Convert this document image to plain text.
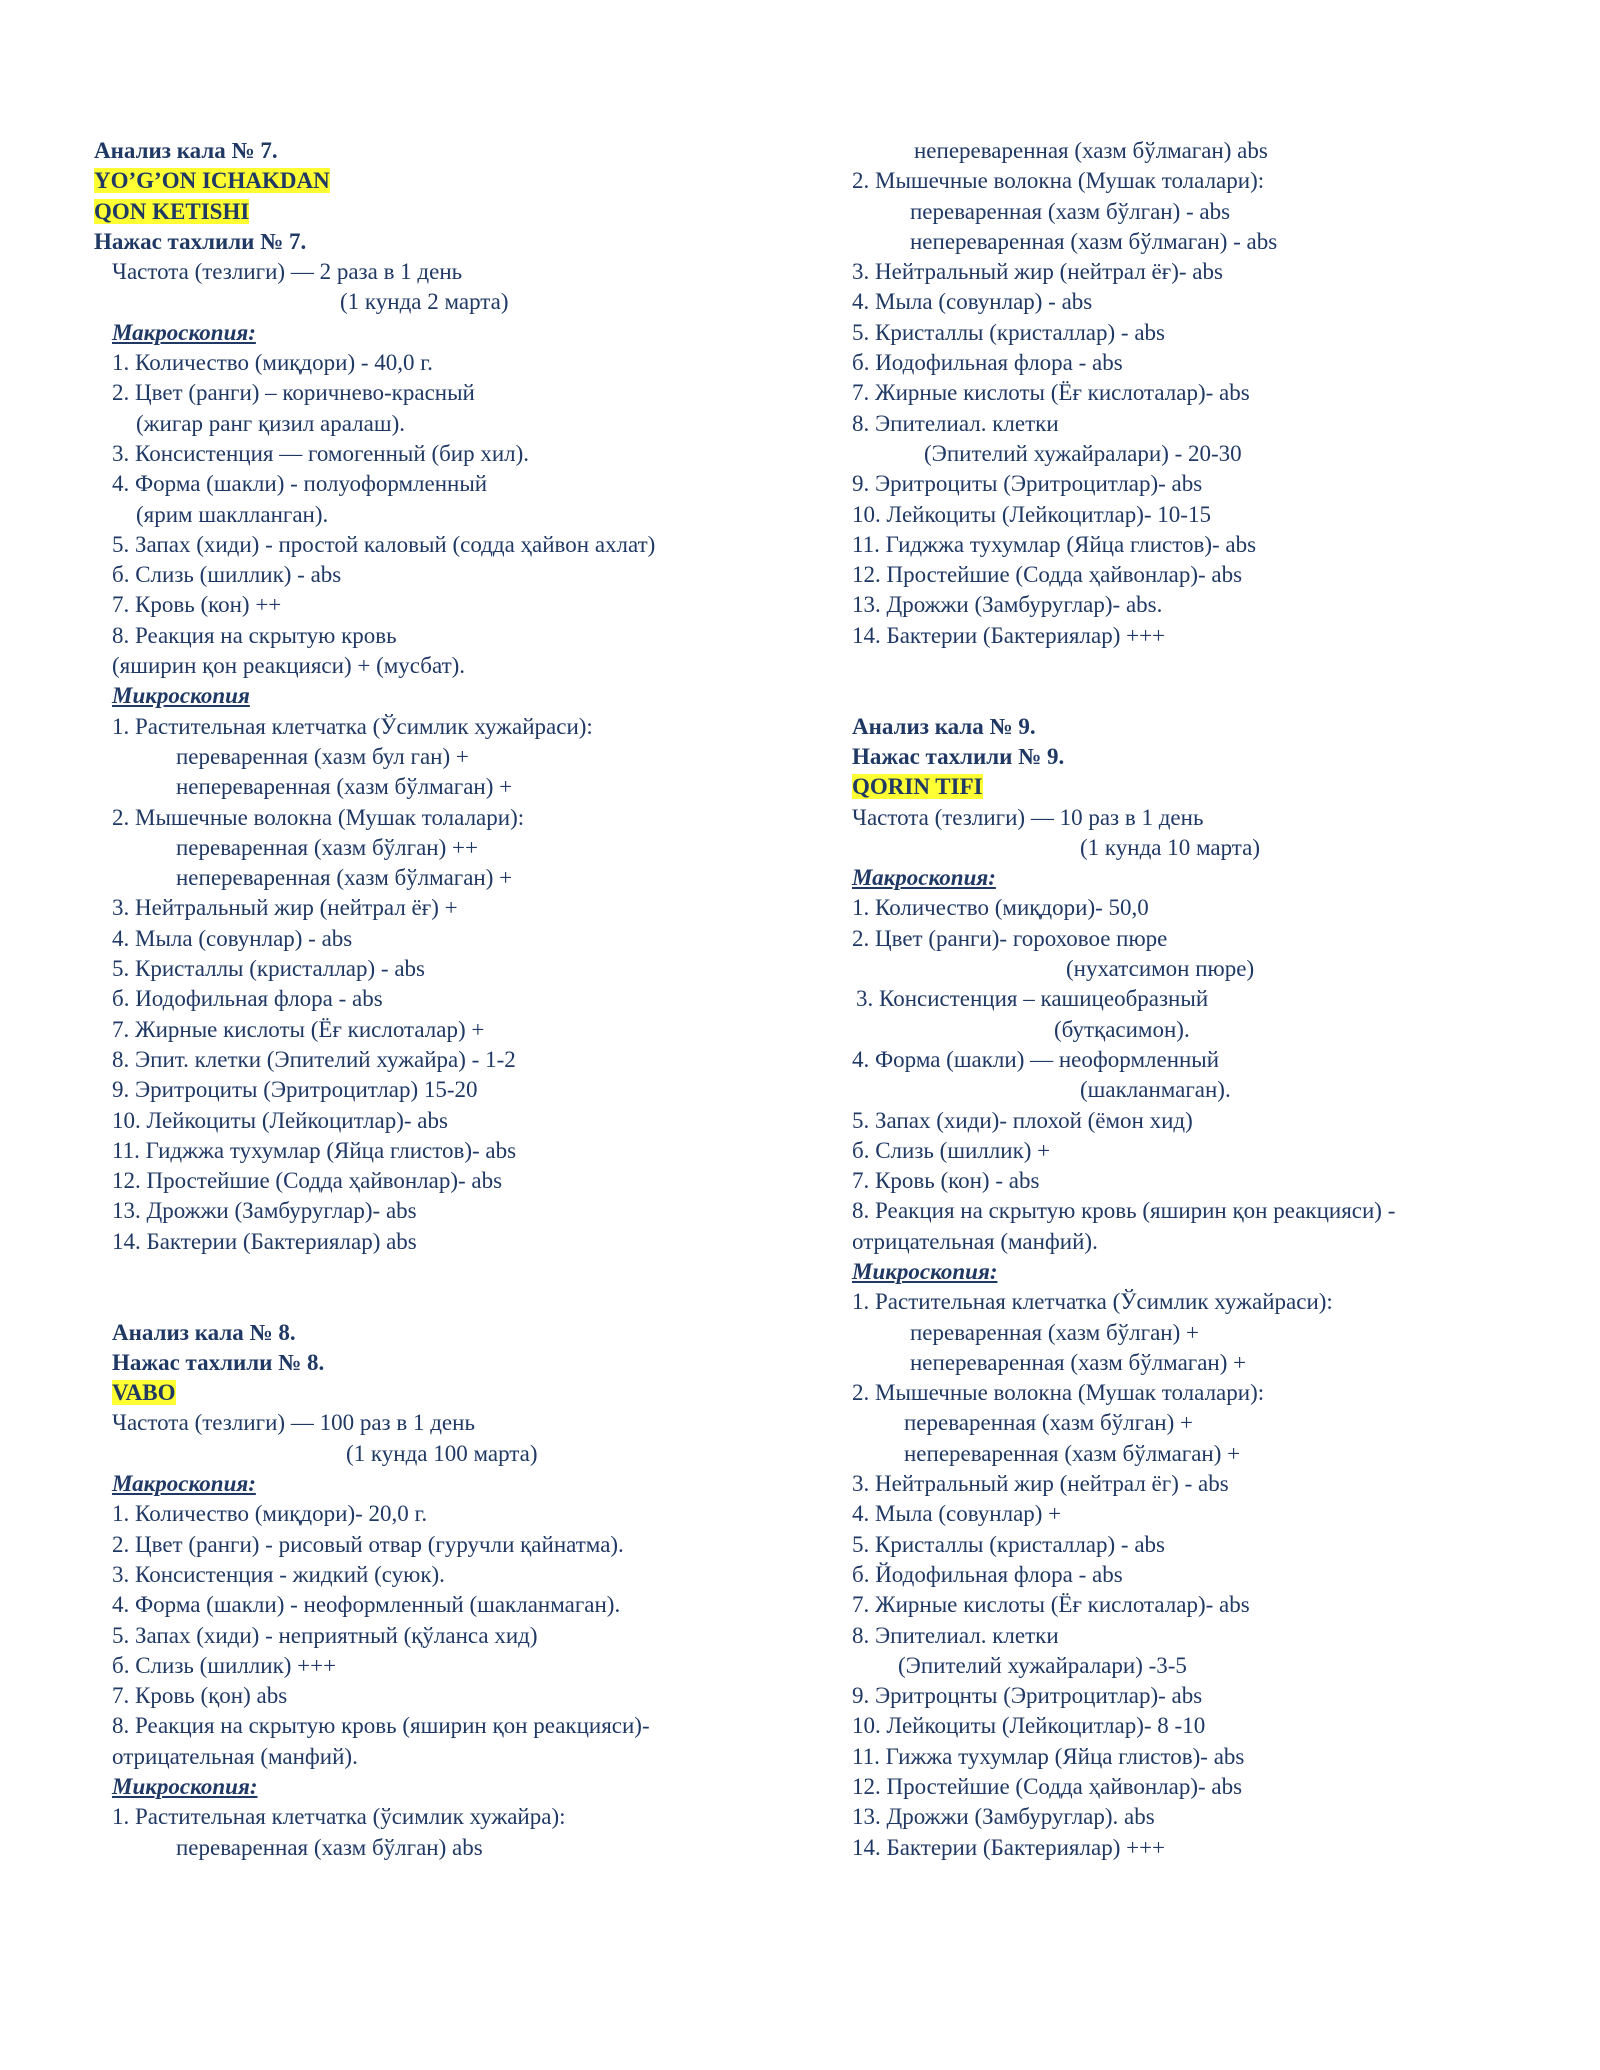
Анализ кала № 7.
YO’G’ON ICHAKDAN
QON KETISHI
Нажас тахлили № 7.
Частота (тезлиги) — 2 раза в 1 день
(1 кунда 2 марта)
Макроскопия:
1. Количество (миқдори) - 40,0 г.
2. Цвет (ранги) – коричнево-красный
(жигар ранг қизил аралаш).
3. Консистенция — гомогенный (бир хил).
4. Форма (шакли) - полуоформленный
(ярим шаклланган).
5. Запах (хиди) - простой каловый (содда ҳайвон ахлат)
б. Слизь (шиллик) - abs
7. Кровь (кон) ++
8. Реакция на скрытую кровь
(яширин қон реакцияси) + (мусбат).
Микроскопия
1. Растительная клетчатка (Ўсимлик хужайраси):
переваренная (хазм бул ган) +
непереваренная (хазм бўлмаган) +
2. Мышечные волокна (Мушак толалари):
переваренная (хазм бўлган) ++
непереваренная (хазм бўлмаган) +
3. Нейтральный жир (нейтрал ёғ) +
4. Мыла (совунлар) - abs
5. Кристаллы (кристаллар) - abs
б. Иодофильная флора - abs
7. Жирные кислоты (Ёғ кислоталар) +
8. Эпит. клетки (Эпителий хужайра) - 1-2
9. Эритроциты (Эритроцитлар) 15-20
10. Лейкоциты (Лейкоцитлар)- abs
11. Гиджжа тухумлар (Яйца глистов)- abs
12. Простейшие (Содда ҳайвонлар)- abs
13. Дрожжи (Замбуруглар)- abs
14. Бактерии (Бактериялар) abs
Анализ кала № 8.
Нажас тахлили № 8.
VABO
Частота (тезлиги) — 100 раз в 1 день
(1 кунда 100 марта)
Макроскопия:
1. Количество (миқдори)- 20,0 г.
2. Цвет (ранги) - рисовый отвар (гуручли қайнатма).
3. Консистенция - жидкий (суюк).
4. Форма (шакли) - неоформленный (шакланмаган).
5. Запах (хиди) - неприятный (қўланса хид)
б. Слизь (шиллик) +++
7. Кровь (қон) abs
8. Реакция на скрытую кровь (яширин қон реакцияси)-
отрицательная (манфий).
Микроскопия:
1. Растительная клетчатка (ўсимлик хужайра):
переваренная (хазм бўлган) abs
непереваренная (хазм бўлмаган) abs
2. Мышечные волокна (Мушак толалари):
переваренная (хазм бўлган) - abs
непереваренная (хазм бўлмаган) - abs
3. Нейтральный жир (нейтрал ёғ)- abs
4. Мыла (совунлар) - abs
5. Кристаллы (кристаллар) - abs
б. Иодофильная флора - abs
7. Жирные кислоты (Ёғ кислоталар)- abs
8. Эпителиал. клетки
(Эпителий хужайралари) - 20-30
9. Эритроциты (Эритроцитлар)- abs
10. Лейкоциты (Лейкоцитлар)- 10-15
11. Гиджжа тухумлар (Яйца глистов)- abs
12. Простейшие (Содда ҳайвонлар)- abs
13. Дрожжи (Замбуруглар)- abs.
14. Бактерии (Бактериялар) +++
Анализ кала № 9.
Нажас тахлили № 9.
QORIN TIFI
Частота (тезлиги) — 10 раз в 1 день
(1 кунда 10 марта)
Макроскопия:
1. Количество (миқдори)- 50,0
2. Цвет (ранги)- гороховое пюре
(нухатсимон пюре)
3. Консистенция – кашицеобразный
(бутқасимон).
4. Форма (шакли) — неоформленный
(шакланмаган).
5. Запах (хиди)- плохой (ёмон хид)
б. Слизь (шиллик) +
7. Кровь (кон) - abs
8. Реакция на скрытую кровь (яширин қон реакцияси) -
отрицательная (манфий).
Микроскопия:
1. Растительная клетчатка (Ўсимлик хужайраси):
переваренная (хазм бўлган) +
непереваренная (хазм бўлмаган) +
2. Мышечные волокна (Мушак толалари):
переваренная (хазм бўлган) +
непереваренная (хазм бўлмаган) +
3. Нейтральный жир (нейтрал ёг) - abs
4. Мыла (совунлар) +
5. Кристаллы (кристаллар) - abs
б. Йодофильная флора - abs
7. Жирные кислоты (Ёғ кислоталар)- abs
8. Эпителиал. клетки
(Эпителий хужайралари) -3-5
9. Эритроцнты (Эритроцитлар)- abs
10. Лейкоциты (Лейкоцитлар)- 8 -10
11. Гижжа тухумлар (Яйца глистов)- abs
12. Простейшие (Содда ҳайвонлар)- abs
13. Дрожжи (Замбуруглар). abs
14. Бактерии (Бактериялар) +++
